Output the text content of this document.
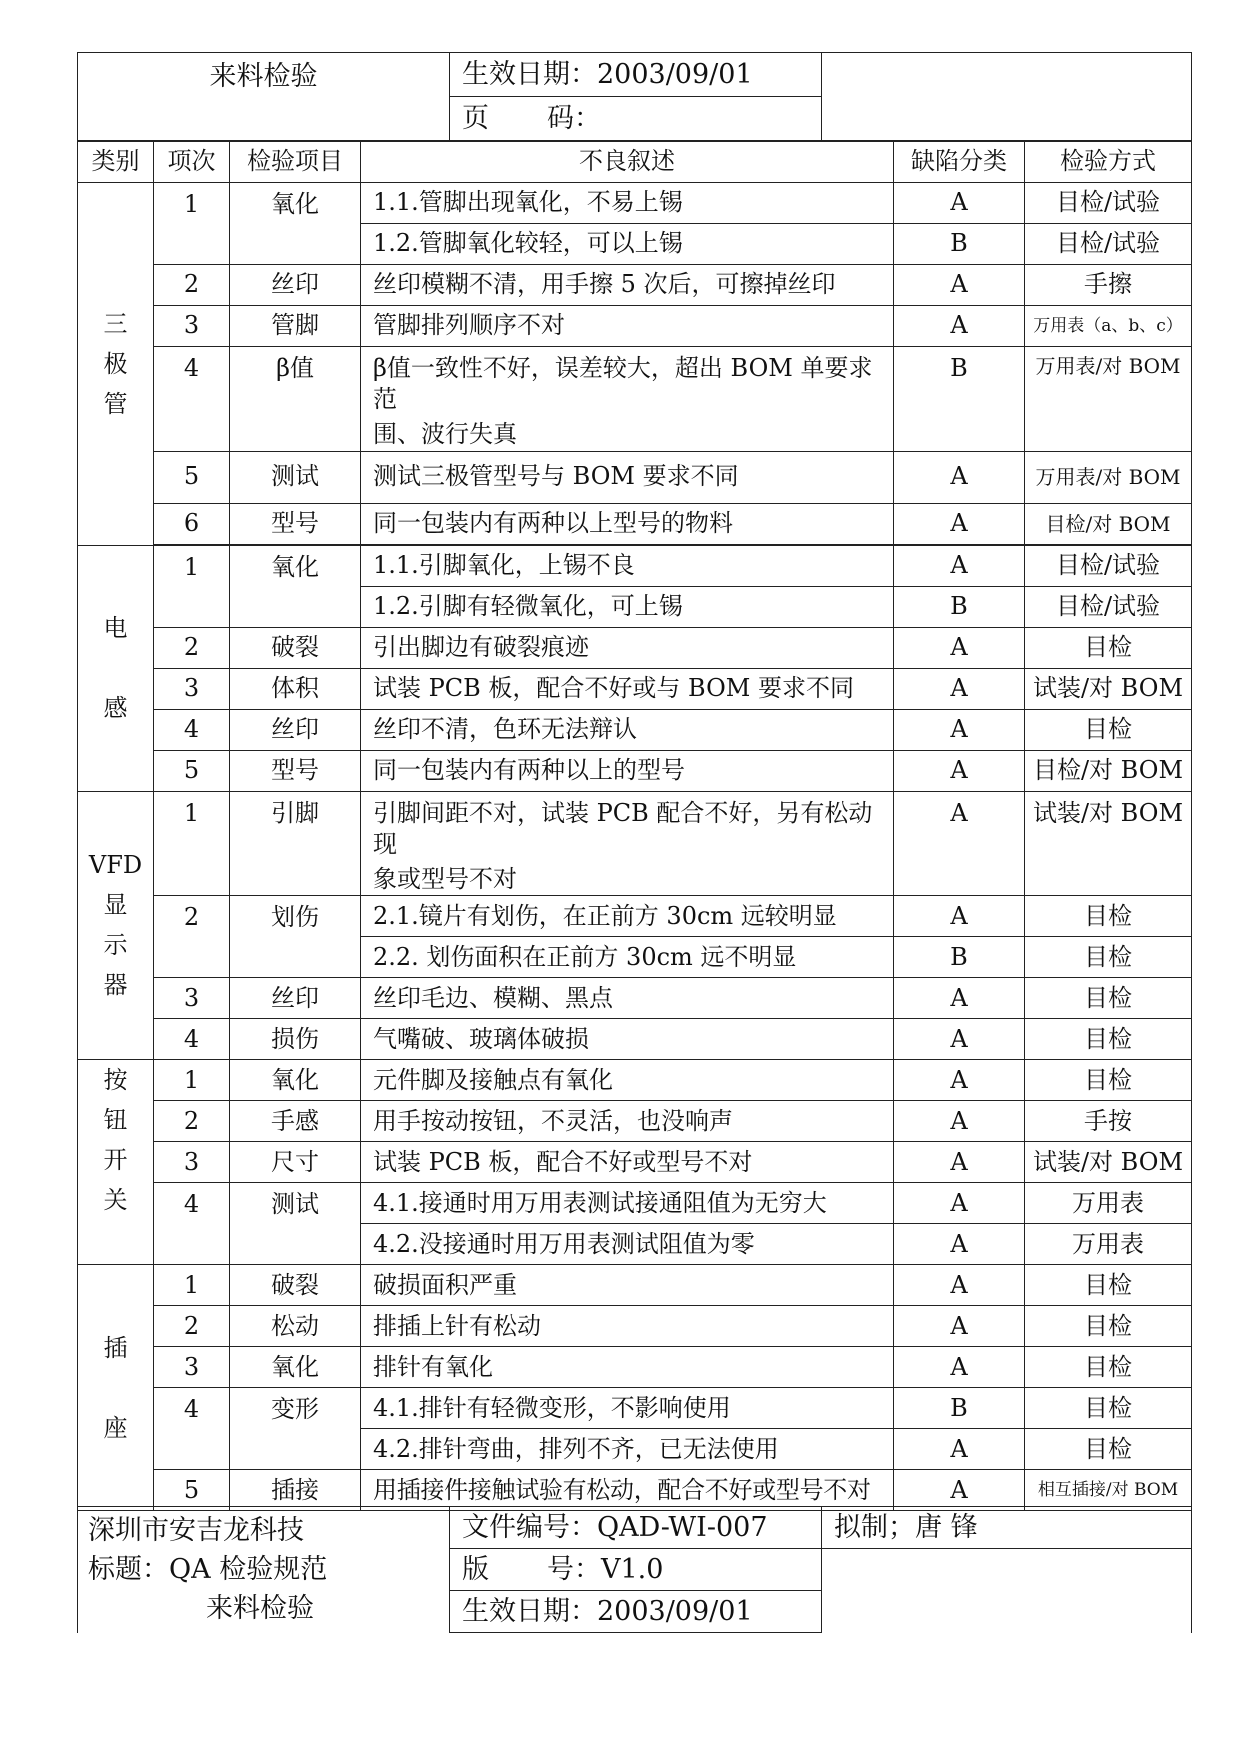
来料检验	生效日期：2003/09/01	
页 码：
类别	项次	检验项目	不良叙述	缺陷分类	检验方式
三
极
管	1	氧化	1.1.管脚出现氧化，不易上锡	A	目检/试验
			1.2.管脚氧化较轻，可以上锡	B	目检/试验
	2	丝印	丝印模糊不清，用手擦 5 次后，可擦掉丝印	A	手擦
	3	管脚	管脚排列顺序不对	A	万用表（a、b、c）
	4	β值	β值一致性不好，误差较大，超出 BOM 单要求范
围、波行失真	B	万用表/对 BOM
	5	测试	测试三极管型号与 BOM 要求不同	A	万用表/对 BOM
	6	型号	同一包装内有两种以上型号的物料	A	目检/对 BOM

电

感	1	氧化	1.1.引脚氧化，上锡不良	A	目检/试验
			1.2.引脚有轻微氧化，可上锡	B	目检/试验
	2	破裂	引出脚边有破裂痕迹	A	目检
	3	体积	试装 PCB 板，配合不好或与 BOM 要求不同	A	试装/对 BOM
	4	丝印	丝印不清，色环无法辩认	A	目检
	5	型号	同一包装内有两种以上的型号	A	目检/对 BOM
VFD
显
示
器	1	引脚	引脚间距不对，试装 PCB 配合不好，另有松动现
象或型号不对	A	试装/对 BOM
	2	划伤	2.1.镜片有划伤，在正前方 30cm 远较明显	A	目检
			2.2. 划伤面积在正前方 30cm 远不明显	B	目检
	3	丝印	丝印毛边、模糊、黑点	A	目检
	4	损伤	气嘴破、玻璃体破损	A	目检
按
钮
开
关	1	氧化	元件脚及接触点有氧化	A	目检
	2	手感	用手按动按钮，不灵活，也没响声	A	手按
	3	尺寸	试装 PCB 板，配合不好或型号不对	A	试装/对 BOM
	4	测试	4.1.接通时用万用表测试接通阻值为无穷大	A	万用表
			4.2.没接通时用万用表测试阻值为零	A	万用表
插

座	1	破裂	破损面积严重	A	目检
	2	松动	排插上针有松动	A	目检
	3	氧化	排针有氧化	A	目检
	4	变形	4.1.排针有轻微变形，不影响使用	B	目检
			4.2.排针弯曲，排列不齐，已无法使用	A	目检
	5	插接	用插接件接触试验有松动，配合不好或型号不对	A	相互插接/对 BOM
深圳市安吉龙科技
标题：QA 检验规范
来料检验	文件编号：QAD-WI-007	拟制；唐 锋
	版 号：V1.0	
	生效日期：2003/09/01	
